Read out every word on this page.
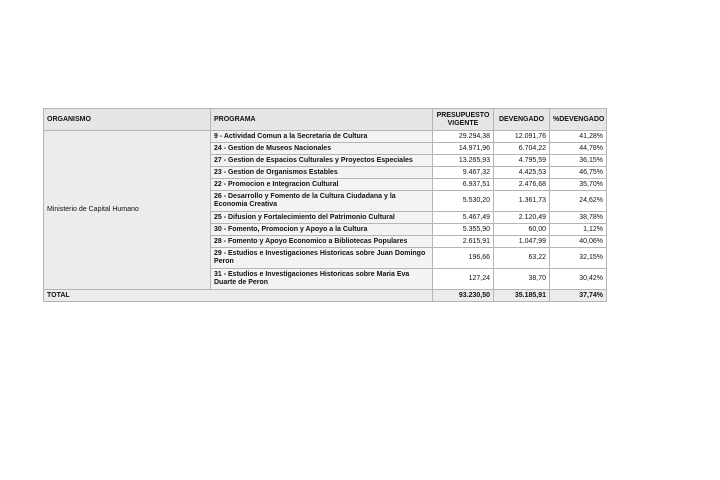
ORGANISMO	PROGRAMA	PRESUPUESTO VIGENTE	DEVENGADO	%DEVENGADO
Ministerio de Capital Humano	9 - Actividad Comun a la Secretaria de Cultura	29.294,38	12.091,76	41,28%
	24 - Gestion de Museos Nacionales	14.971,96	6.704,22	44,78%
	27 - Gestion de Espacios Culturales y Proyectos Especiales	13.265,93	4.795,59	36,15%
	23 - Gestion de Organismos Estables	9.467,32	4.425,53	46,75%
	22 - Promocion e Integracion Cultural	6.937,51	2.476,68	35,70%
	26 - Desarrollo y Fomento de la Cultura Ciudadana y la Economia Creativa	5.530,20	1.361,73	24,62%
	25 - Difusion y Fortalecimiento del Patrimonio Cultural	5.467,49	2.120,49	38,78%
	30 - Fomento, Promocion y Apoyo a la Cultura	5.355,90	60,00	1,12%
	28 - Fomento y Apoyo Economico a Bibliotecas Populares	2.615,91	1.047,99	40,06%
	29 - Estudios e Investigaciones Historicas sobre Juan Domingo Peron	196,66	63,22	32,15%
	31 - Estudios e Investigaciones Historicas sobre Maria Eva Duarte de Peron	127,24	38,70	30,42%
TOTAL		93.230,50	35.185,91	37,74%
